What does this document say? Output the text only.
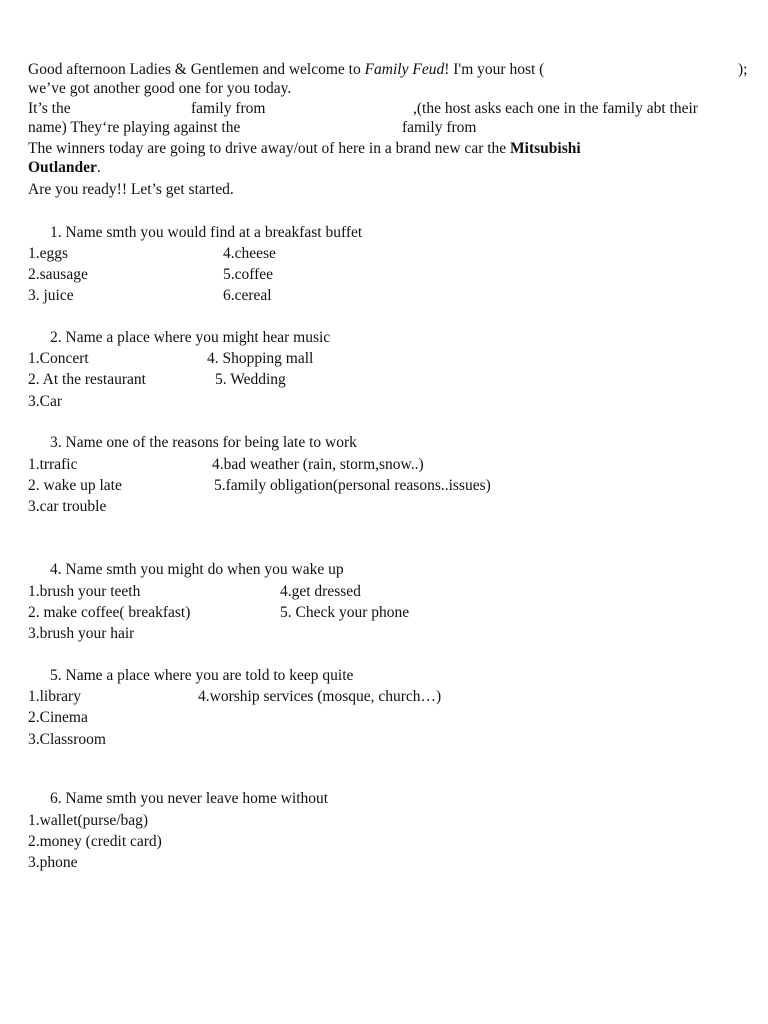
Good afternoon Ladies & Gentlemen and welcome to Family Feud! I'm your host (	);
we’ve got another good one for you today.
It’s the	family from	,(the host asks each one in the family abt their
name) They‘re playing against the	family from
The winners today are going to drive away/out of here in a brand new car the Mitsubishi
Outlander.
Are you ready!! Let’s get started.
1. Name smth you would find at a breakfast buffet
1.eggs
2.sausage
3. juice
4.cheese
5.coffee
6.cereal
2. Name a place where you might hear music
1.Concert
2. At the restaurant
3.Car
4. Shopping mall
5. Wedding
3. Name one of the reasons for being late to work
1.trrafic
2. wake up late
3.car trouble
4.bad weather (rain, storm,snow..)
5.family obligation(personal reasons..issues)
4. Name smth you might do when you wake up
1.brush your teeth
2. make coffee( breakfast)
3.brush your hair
4.get dressed
5. Check your phone
5. Name a place where you are told to keep quite
1.library
2.Cinema
3.Classroom
4.worship services (mosque, church…)
6. Name smth you never leave home without
1.wallet(purse/bag)
2.money (credit card)
3.phone
